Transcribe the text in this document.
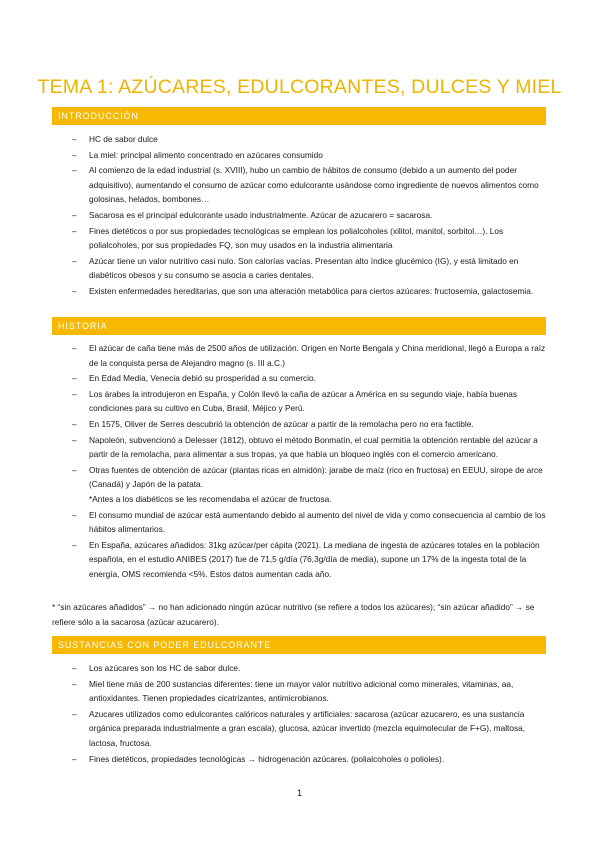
TEMA 1: AZÚCARES, EDULCORANTES, DULCES Y MIEL
INTRODUCCIÓN
– HC de sabor dulce
– La miel: principal alimento concentrado en azúcares consumido
– Al comienzo de la edad industrial (s. XVIII), hubo un cambio de hábitos de consumo (debido a un aumento del poder adquisitivo), aumentando el consumo de azúcar como edulcorante usándose como ingrediente de nuevos alimentos como golosinas, helados, bombones…
– Sacarosa es el principal edulcorante usado industrialmente. Azúcar de azucarero = sacarosa.
– Fines dietéticos o por sus propiedades tecnológicas se emplean los polialcoholes (xilitol, manitol, sorbitol…). Los polialcoholes, por sus propiedades FQ, son muy usados en la industria alimentaria
– Azúcar tiene un valor nutritivo casi nulo. Son calorías vacías. Presentan alto índice glucémico (IG), y está limitado en diabéticos obesos y su consumo se asocia a caries dentales.
– Existen enfermedades hereditarias, que son una alteración metabólica para ciertos azúcares: fructosemia, galactosemia.
HISTORIA
– El azúcar de caña tiene más de 2500 años de utilización. Origen en Norte Bengala y China meridional, llegó a Europa a raíz de la conquista persa de Alejandro magno (s. III a.C.)
– En Edad Media, Venecia debió su prosperidad a su comercio.
– Los árabes la introdujeron en España, y Colón llevó la caña de azúcar a América en su segundo viaje, había buenas condiciones para su cultivo en Cuba, Brasil, Méjico y Perú.
– En 1575, Oliver de Serres descubrió la obtención de azúcar a partir de la remolacha pero no era factible.
– Napoleón, subvencionó a Delesser (1812), obtuvo el método Bonmatín, el cual permitía la obtención rentable del azúcar a partir de la remolacha, para alimentar a sus tropas, ya que había un bloqueo inglés con el comercio americano.
– Otras fuentes de obtención de azúcar (plantas ricas en almidón): jarabe de maíz (rico en fructosa) en EEUU, sirope de arce (Canadá) y Japón de la patata.
*Antes a los diabéticos se les recomendaba el azúcar de fructosa.
– El consumo mundial de azúcar está aumentando debido al aumento del nivel de vida y como consecuencia al cambio de los hábitos alimentarios.
– En España, azúcares añadidos: 31kg azúcar/per cápita (2021). La mediana de ingesta de azúcares totales en la población española, en el estudio ANIBES (2017) fue de 71,5 g/día (76,3g/día de media), supone un 17% de la ingesta total de la energía, OMS recomienda <5%. Estos datos aumentan cada año.
* “sin azúcares añadidos” → no han adicionado ningún azúcar nutritivo (se refiere a todos los azúcares); “sin azúcar añadido” → se refiere sólo a la sacarosa (azúcar azucarero).
SUSTANCIAS CON PODER EDULCORANTE
– Los azúcares son los HC de sabor dulce.
– Miel tiene más de 200 sustancias diferentes: tiene un mayor valor nutritivo adicional como minerales, vitaminas, aa, antioxidantes. Tienen propiedades cicatrizantes, antimicrobianos.
– Azucares utilizados como edulcorantes calóricos naturales y artificiales: sacarosa (azúcar azucarero, es una sustancia orgánica preparada industrialmente a gran escala), glucosa, azúcar invertido (mezcla equimolecular de F+G), maltosa, lactosa, fructosa.
– Fines dietéticos, propiedades tecnológicas → hidrogenación azúcares. (polialcoholes o polioles).
1
